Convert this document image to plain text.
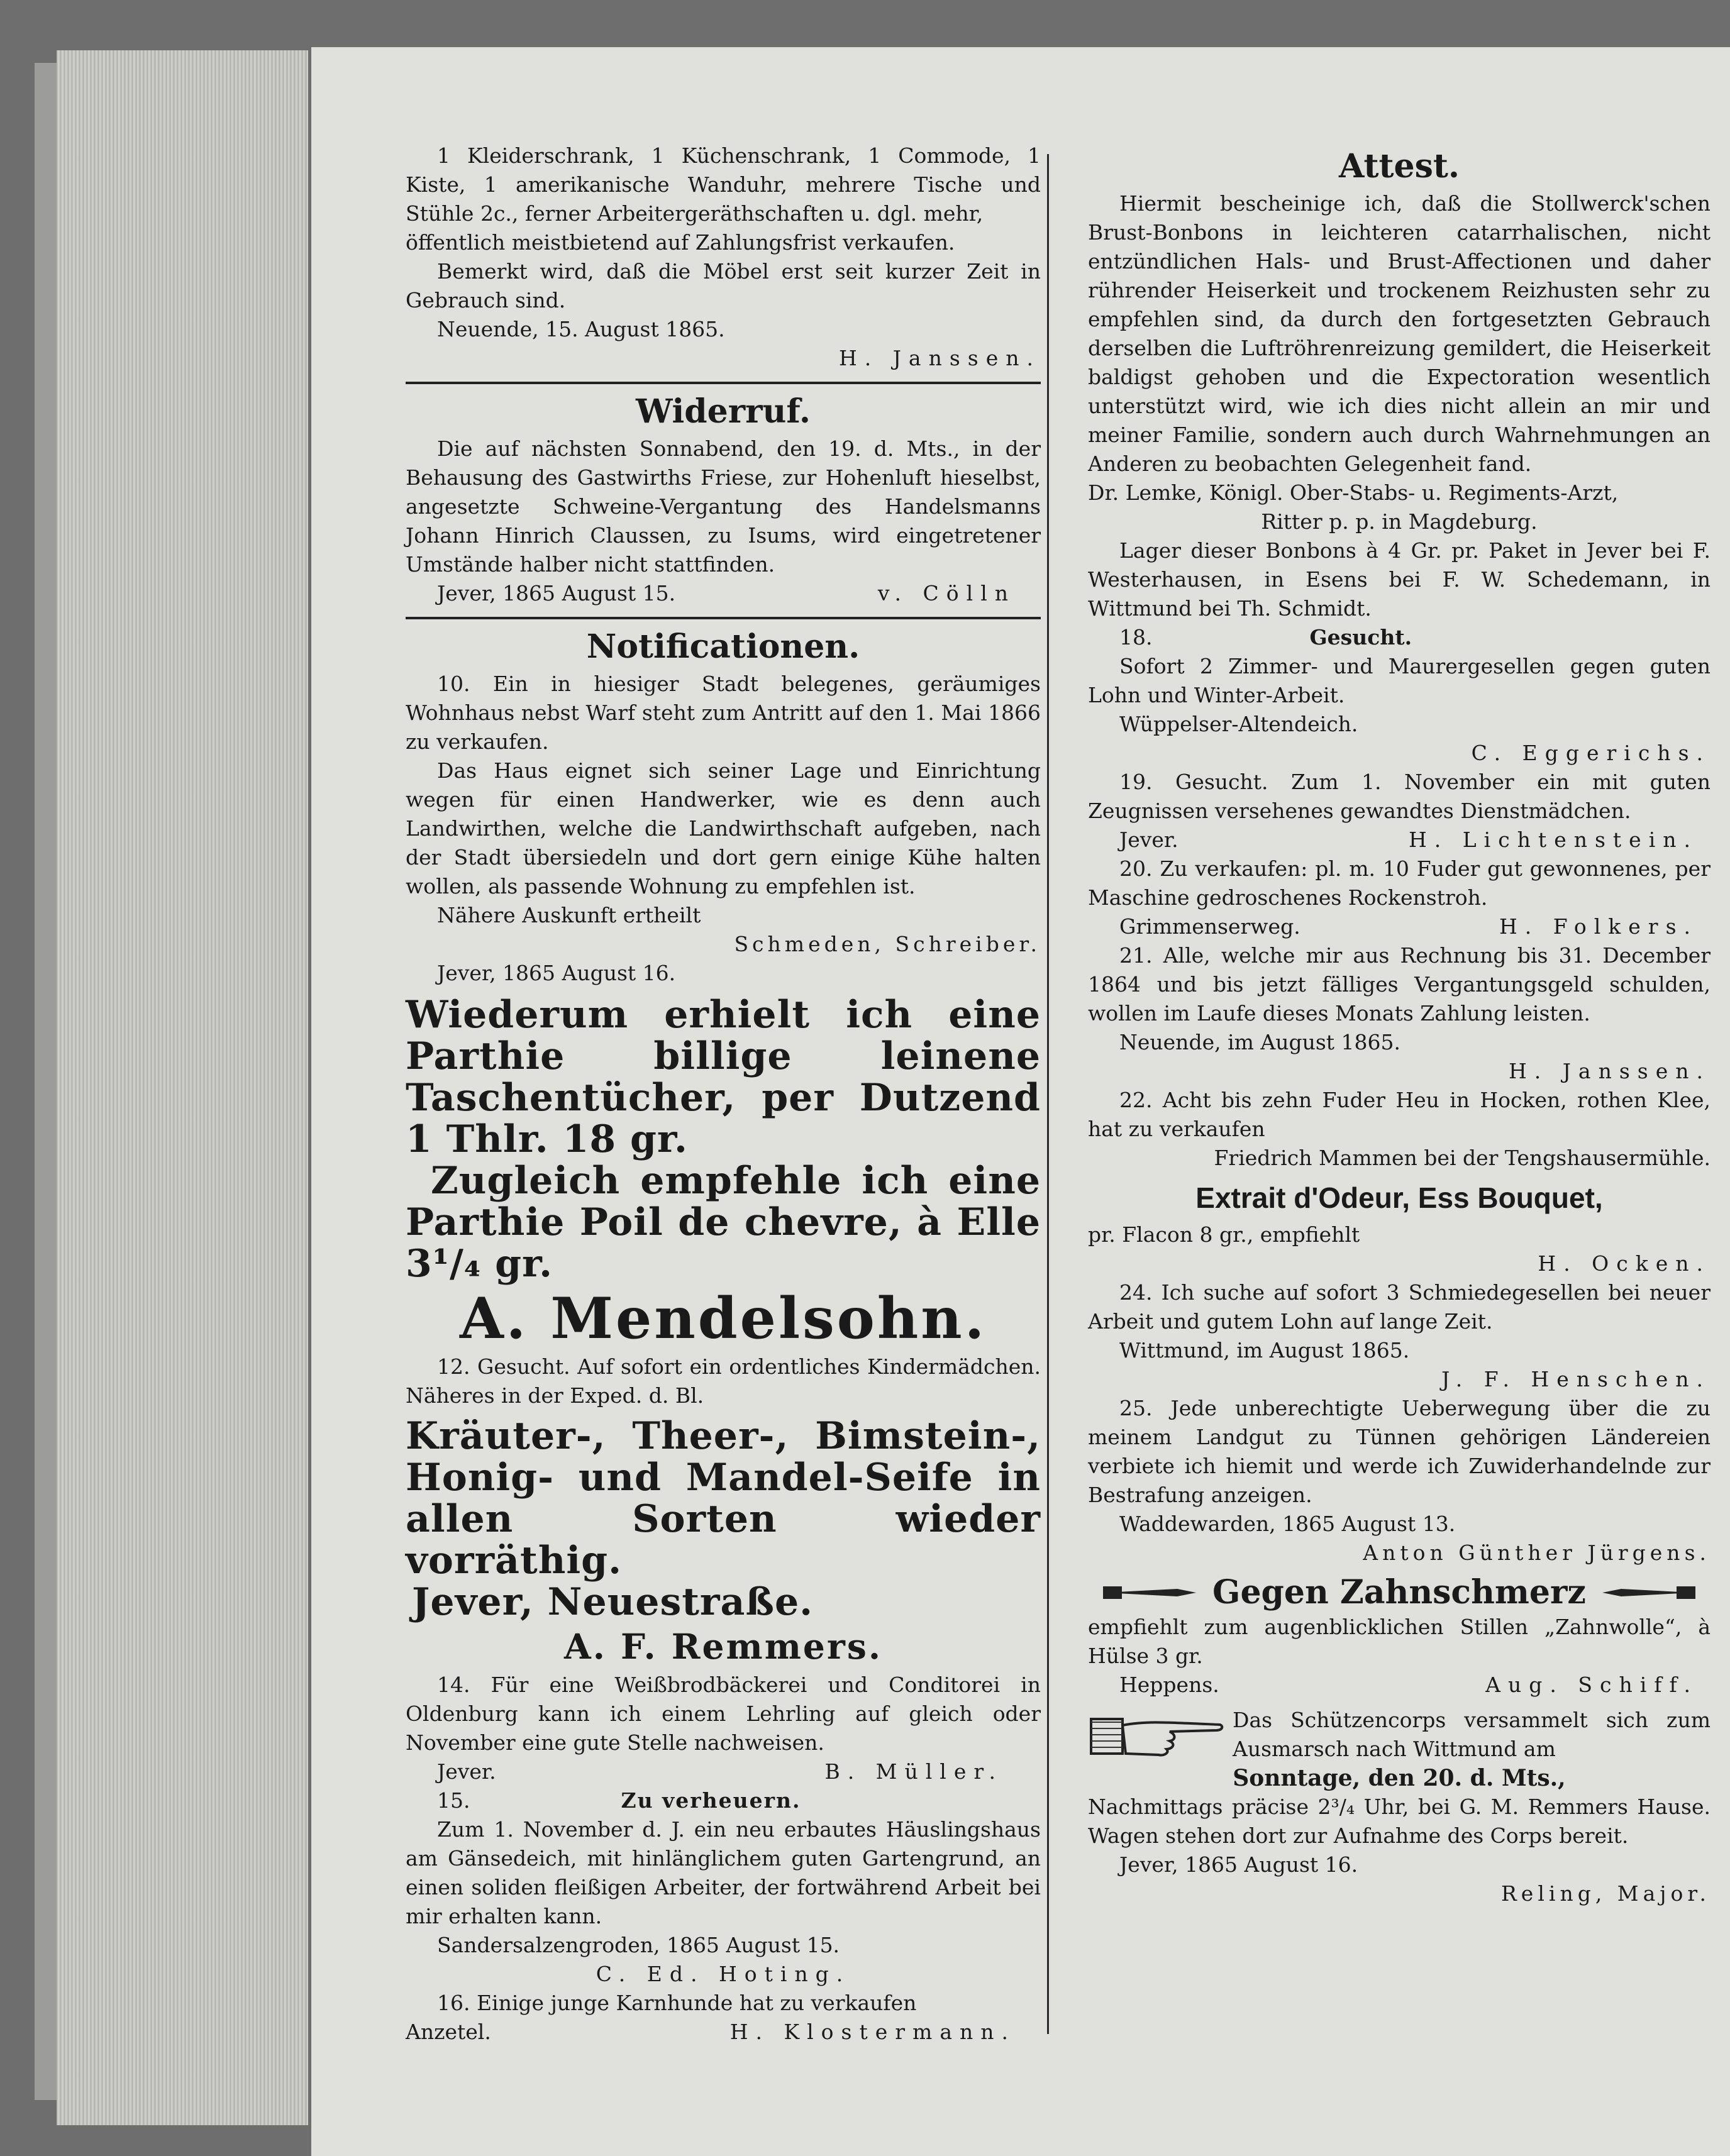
1 Kleiderschrank, 1 Küchenschrank, 1 Commode, 1 Kiste, 1 amerikanische Wanduhr, mehrere Tische und Stühle 2c., ferner Arbeitergeräthschaften u. dgl. mehr,

öffentlich meistbietend auf Zahlungsfrist verkaufen.

Bemerkt wird, daß die Möbel erst seit kurzer Zeit in Gebrauch sind.

Neuende, 15. August 1865.

H. Janssen.

Widerruf.

Die auf nächsten Sonnabend, den 19. d. Mts., in der Behausung des Gastwirths Friese, zur Hohenluft hieselbst, angesetzte Schweine-Vergantung des Handelsmanns Johann Hinrich Claussen, zu Isums, wird eingetretener Umstände halber nicht stattfinden.

Jever, 1865 August 15.	v. Cölln

Notificationen.

10. Ein in hiesiger Stadt belegenes, geräumiges Wohnhaus nebst Warf steht zum Antritt auf den 1. Mai 1866 zu verkaufen.

Das Haus eignet sich seiner Lage und Einrichtung wegen für einen Handwerker, wie es denn auch Landwirthen, welche die Landwirthschaft aufgeben, nach der Stadt übersiedeln und dort gern einige Kühe halten wollen, als passende Wohnung zu empfehlen ist.

Nähere Auskunft ertheilt

Schmeden, Schreiber.

Jever, 1865 August 16.

Wiederum erhielt ich eine Parthie billige leinene Taschentücher, per Dutzend 1 Thlr. 18 gr.

Zugleich empfehle ich eine Parthie Poil de chevre, à Elle 3¹/₄ gr.

A. Mendelsohn.

12. Gesucht. Auf sofort ein ordentliches Kindermädchen. Näheres in der Exped. d. Bl.

Kräuter-, Theer-, Bimstein-, Honig- und Mandel-Seife in allen Sorten wieder vorräthig.

Jever, Neuestraße.

A. F. Remmers.

14. Für eine Weißbrodbäckerei und Conditorei in Oldenburg kann ich einem Lehrling auf gleich oder November eine gute Stelle nachweisen.

Jever.	B. Müller.

15.	Zu verheuern.

Zum 1. November d. J. ein neu erbautes Häuslingshaus am Gänsedeich, mit hinlänglichem guten Gartengrund, an einen soliden fleißigen Arbeiter, der fortwährend Arbeit bei mir erhalten kann.

Sandersalzengroden, 1865 August 15.

C. Ed. Hoting.

16. Einige junge Karnhunde hat zu verkaufen

Anzetel.	H. Klostermann.

Attest.

Hiermit bescheinige ich, daß die Stollwerck'schen Brust-Bonbons in leichteren catarrhalischen, nicht entzündlichen Hals- und Brust-Affectionen und daher rührender Heiserkeit und trockenem Reizhusten sehr zu empfehlen sind, da durch den fortgesetzten Gebrauch derselben die Luftröhrenreizung gemildert, die Heiserkeit baldigst gehoben und die Expectoration wesentlich unterstützt wird, wie ich dies nicht allein an mir und meiner Familie, sondern auch durch Wahrnehmungen an Anderen zu beobachten Gelegenheit fand.

Dr. Lemke, Königl. Ober-Stabs- u. Regiments-Arzt,

Ritter p. p. in Magdeburg.

Lager dieser Bonbons à 4 Gr. pr. Paket in Jever bei F. Westerhausen, in Esens bei F. W. Schedemann, in Wittmund bei Th. Schmidt.

18.	Gesucht.

Sofort 2 Zimmer- und Maurergesellen gegen guten Lohn und Winter-Arbeit.

Wüppelser-Altendeich.

C. Eggerichs.

19. Gesucht. Zum 1. November ein mit guten Zeugnissen versehenes gewandtes Dienstmädchen.

Jever.	H. Lichtenstein.

20. Zu verkaufen: pl. m. 10 Fuder gut gewonnenes, per Maschine gedroschenes Rockenstroh.

Grimmenserweg.	H. Folkers.

21. Alle, welche mir aus Rechnung bis 31. December 1864 und bis jetzt fälliges Vergantungsgeld schulden, wollen im Laufe dieses Monats Zahlung leisten.

Neuende, im August 1865.

H. Janssen.

22. Acht bis zehn Fuder Heu in Hocken, rothen Klee, hat zu verkaufen

Friedrich Mammen bei der Tengshausermühle.

Extrait d'Odeur, Ess Bouquet,

pr. Flacon 8 gr., empfiehlt

H. Ocken.

24. Ich suche auf sofort 3 Schmiedegesellen bei neuer Arbeit und gutem Lohn auf lange Zeit.

Wittmund, im August 1865.

J. F. Henschen.

25. Jede unberechtigte Ueberwegung über die zu meinem Landgut zu Tünnen gehörigen Ländereien verbiete ich hiemit und werde ich Zuwiderhandelnde zur Bestrafung anzeigen.

Waddewarden, 1865 August 13.

Anton Günther Jürgens.

Gegen Zahnschmerz

empfiehlt zum augenblicklichen Stillen „Zahnwolle“, à Hülse 3 gr.

Heppens.	Aug. Schiff.

Das Schützencorps versammelt sich zum Ausmarsch nach Wittmund am

Sonntage, den 20. d. Mts.,

Nachmittags präcise 2³/₄ Uhr, bei G. M. Remmers Hause. Wagen stehen dort zur Aufnahme des Corps bereit.

Jever, 1865 August 16.

Reling, Major.
